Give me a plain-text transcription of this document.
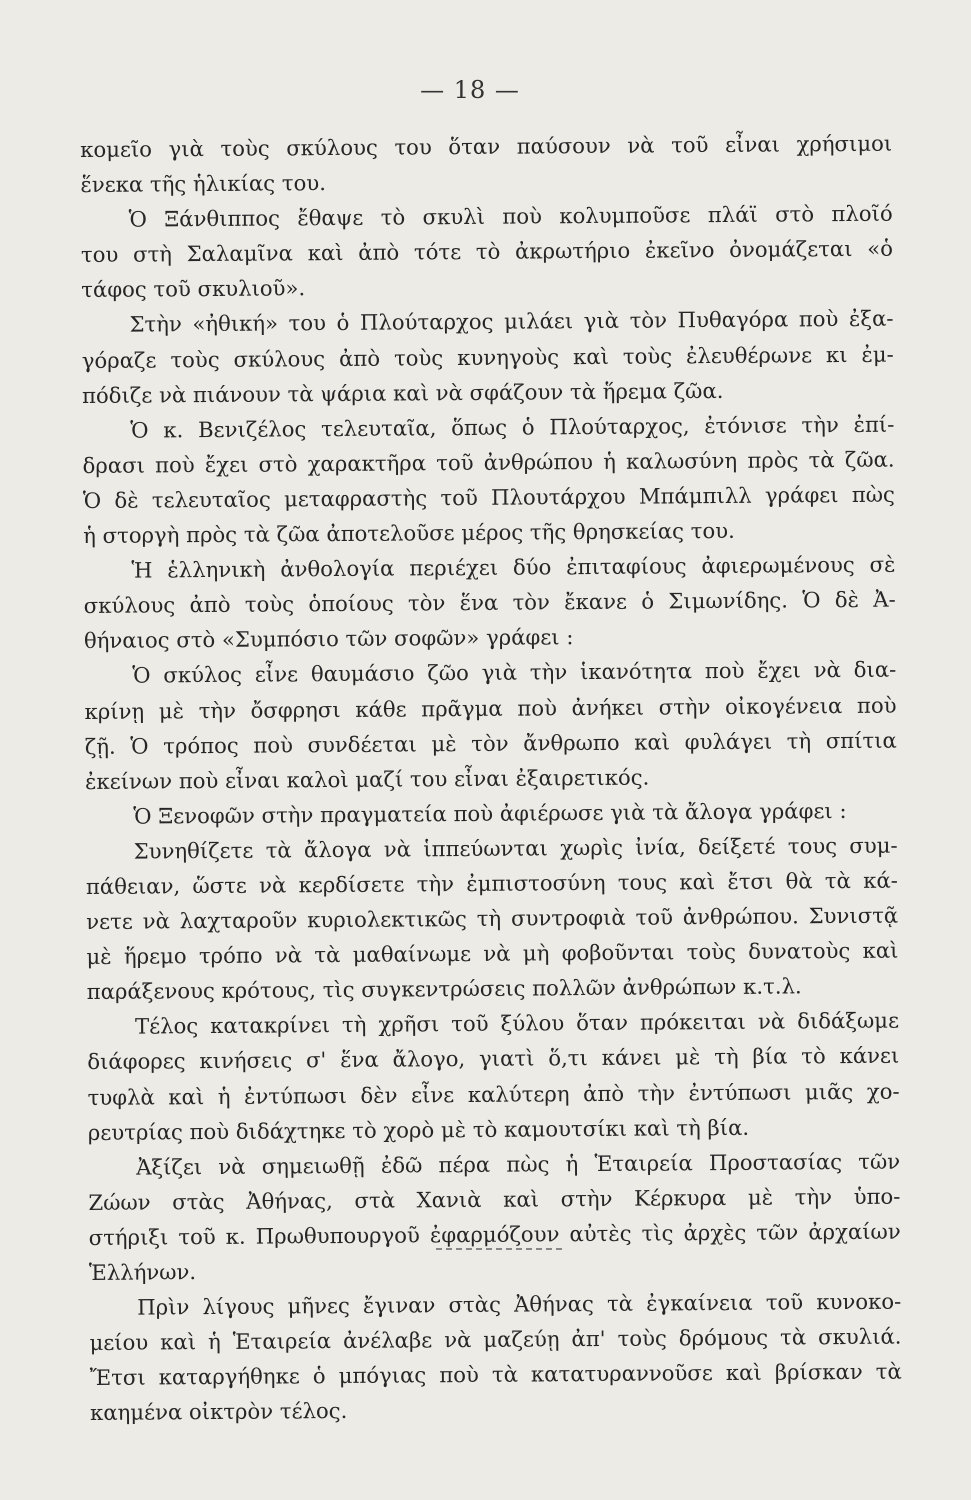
— 18 —
κομεῖο γιὰ τοὺς σκύλους του ὅταν παύσουν νὰ τοῦ εἶναι χρήσιμοι
ἕνεκα τῆς ἡλικίας του.
Ὁ Ξάνθιππος ἔθαψε τὸ σκυλὶ ποὺ κολυμποῦσε πλάϊ στὸ πλοῖό
του στὴ Σαλαμῖνα καὶ ἀπὸ τότε τὸ ἀκρωτήριο ἐκεῖνο ὀνομάζεται «ὁ
τάφος τοῦ σκυλιοῦ».
Στὴν «ἠθική» του ὁ Πλούταρχος μιλάει γιὰ τὸν Πυθαγόρα ποὺ ἐξα-
γόραζε τοὺς σκύλους ἀπὸ τοὺς κυνηγοὺς καὶ τοὺς ἐλευθέρωνε κι ἐμ-
πόδιζε νὰ πιάνουν τὰ ψάρια καὶ νὰ σφάζουν τὰ ἥρεμα ζῶα.
Ὁ κ. Βενιζέλος τελευταῖα, ὅπως ὁ Πλούταρχος, ἐτόνισε τὴν ἐπί-
δρασι ποὺ ἔχει στὸ χαρακτῆρα τοῦ ἀνθρώπου ἡ καλωσύνη πρὸς τὰ ζῶα.
Ὁ δὲ τελευταῖος μεταφραστὴς τοῦ Πλουτάρχου Μπάμπιλλ γράφει πὼς
ἡ στοργὴ πρὸς τὰ ζῶα ἀποτελοῦσε μέρος τῆς θρησκείας του.
Ἡ ἑλληνικὴ ἀνθολογία περιέχει δύο ἐπιταφίους ἀφιερωμένους σὲ
σκύλους ἀπὸ τοὺς ὁποίους τὸν ἕνα τὸν ἔκανε ὁ Σιμωνίδης. Ὁ δὲ Ἀ-
θήναιος στὸ «Συμπόσιο τῶν σοφῶν» γράφει :
Ὁ σκύλος εἶνε θαυμάσιο ζῶο γιὰ τὴν ἱκανότητα ποὺ ἔχει νὰ δια-
κρίνῃ μὲ τὴν ὄσφρησι κάθε πρᾶγμα ποὺ ἀνήκει στὴν οἰκογένεια ποὺ
ζῇ. Ὁ τρόπος ποὺ συνδέεται μὲ τὸν ἄνθρωπο καὶ φυλάγει τὴ σπίτια
ἐκείνων ποὺ εἶναι καλοὶ μαζί του εἶναι ἐξαιρετικός.
Ὁ Ξενοφῶν στὴν πραγματεία ποὺ ἀφιέρωσε γιὰ τὰ ἄλογα γράφει :
Συνηθίζετε τὰ ἄλογα νὰ ἱππεύωνται χωρὶς ἰνία, δείξετέ τους συμ-
πάθειαν, ὥστε νὰ κερδίσετε τὴν ἐμπιστοσύνη τους καὶ ἔτσι θὰ τὰ κά-
νετε νὰ λαχταροῦν κυριολεκτικῶς τὴ συντροφιὰ τοῦ ἀνθρώπου. Συνιστᾷ
μὲ ἥρεμο τρόπο νὰ τὰ μαθαίνωμε νὰ μὴ φοβοῦνται τοὺς δυνατοὺς καὶ
παράξενους κρότους, τὶς συγκεντρώσεις πολλῶν ἀνθρώπων κ.τ.λ.
Τέλος κατακρίνει τὴ χρῆσι τοῦ ξύλου ὅταν πρόκειται νὰ διδάξωμε
διάφορες κινήσεις σ' ἕνα ἄλογο, γιατὶ ὅ,τι κάνει μὲ τὴ βία τὸ κάνει
τυφλὰ καὶ ἡ ἐντύπωσι δὲν εἶνε καλύτερη ἀπὸ τὴν ἐντύπωσι μιᾶς χο-
ρευτρίας ποὺ διδάχτηκε τὸ χορὸ μὲ τὸ καμουτσίκι καὶ τὴ βία.
Ἀξίζει νὰ σημειωθῇ ἐδῶ πέρα πὼς ἡ Ἑταιρεία Προστασίας τῶν
Ζώων στὰς Ἀθήνας, στὰ Χανιὰ καὶ στὴν Κέρκυρα μὲ τὴν ὑπο-
στήριξι τοῦ κ. Πρωθυπουργοῦ ἐφαρμόζουν αὐτὲς τὶς ἀρχὲς τῶν ἀρχαίων
Ἑλλήνων.
Πρὶν λίγους μῆνες ἔγιναν στὰς Ἀθήνας τὰ ἐγκαίνεια τοῦ κυνοκο-
μείου καὶ ἡ Ἑταιρεία ἀνέλαβε νὰ μαζεύῃ ἀπ' τοὺς δρόμους τὰ σκυλιά.
Ἔτσι καταργήθηκε ὁ μπόγιας ποὺ τὰ κατατυραννοῦσε καὶ βρίσκαν τὰ
καημένα οἰκτρὸν τέλος.
